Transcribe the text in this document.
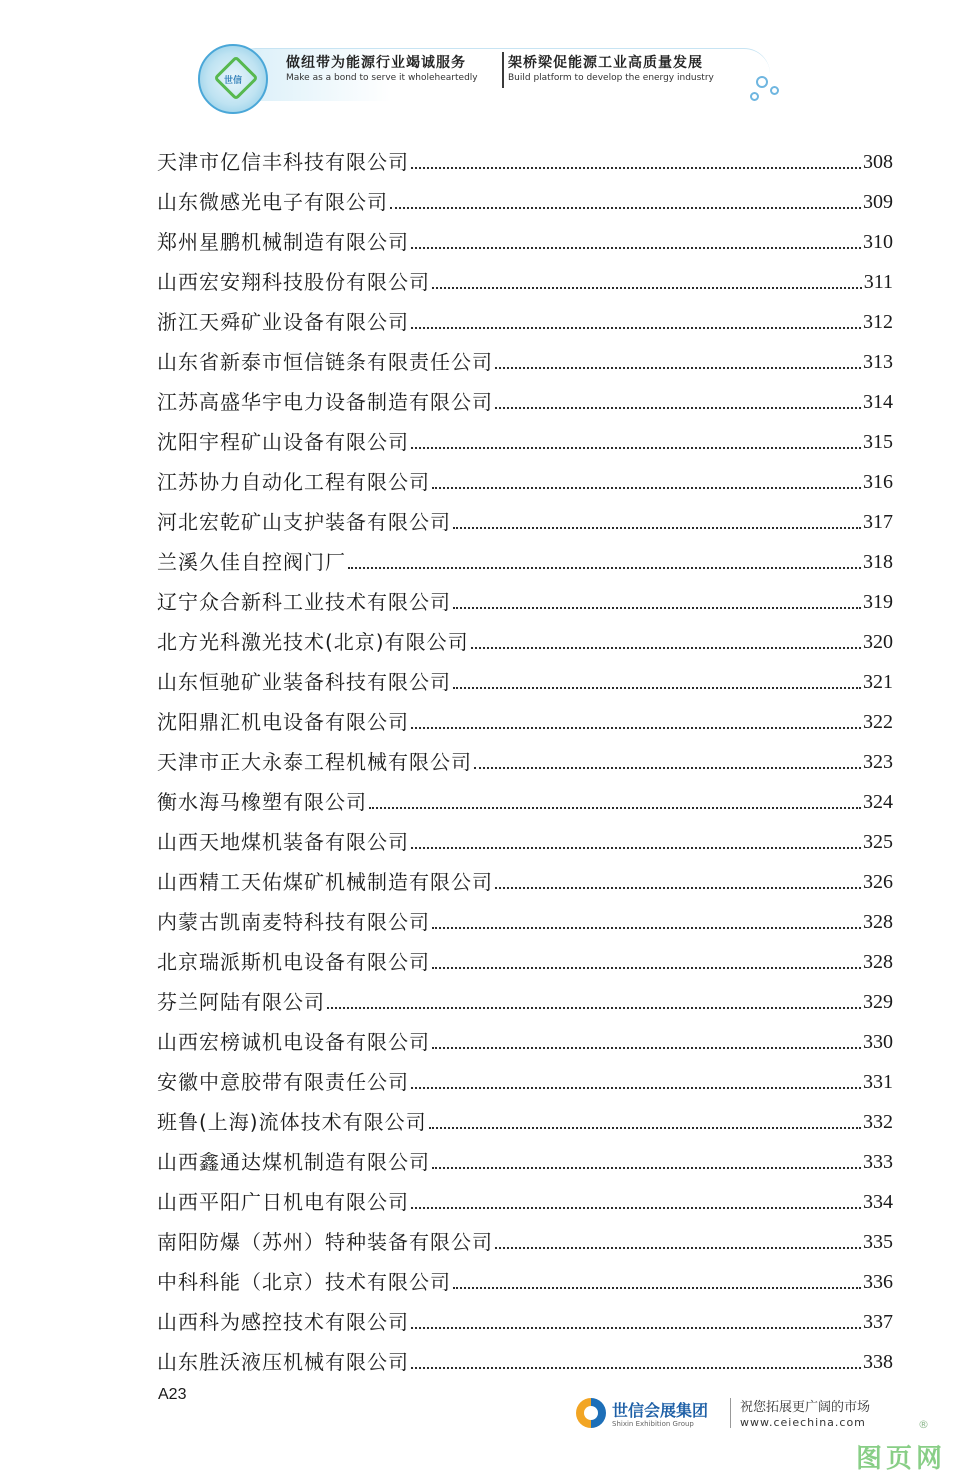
世信
做纽带为能源行业竭诚服务
Make as a bond to serve it wholeheartedly
架桥梁促能源工业高质量发展
Build platform to develop the energy industry
天津市亿信丰科技有限公司	308
山东微感光电子有限公司	309
郑州星鹏机械制造有限公司	310
山西宏安翔科技股份有限公司	311
浙江天舜矿业设备有限公司	312
山东省新泰市恒信链条有限责任公司	313
江苏高盛华宇电力设备制造有限公司	314
沈阳宇程矿山设备有限公司	315
江苏协力自动化工程有限公司	316
河北宏乾矿山支护装备有限公司	317
兰溪久佳自控阀门厂	318
辽宁众合新科工业技术有限公司	319
北方光科激光技术(北京)有限公司	320
山东恒驰矿业装备科技有限公司	321
沈阳鼎汇机电设备有限公司	322
天津市正大永泰工程机械有限公司	323
衡水海马橡塑有限公司	324
山西天地煤机装备有限公司	325
山西精工天佑煤矿机械制造有限公司	326
内蒙古凯南麦特科技有限公司	328
北京瑞派斯机电设备有限公司	328
芬兰阿陆有限公司	329
山西宏榜诚机电设备有限公司	330
安徽中意胶带有限责任公司	331
班鲁(上海)流体技术有限公司	332
山西鑫通达煤机制造有限公司	333
山西平阳广日机电有限公司	334
南阳防爆（苏州）特种装备有限公司	335
中科科能（北京）技术有限公司	336
山西科为感控技术有限公司	337
山东胜沃液压机械有限公司	338
A23
世信会展集团
Shixin Exhibition Group
祝您拓展更广阔的市场
www.ceiechina.com	®
图页网
